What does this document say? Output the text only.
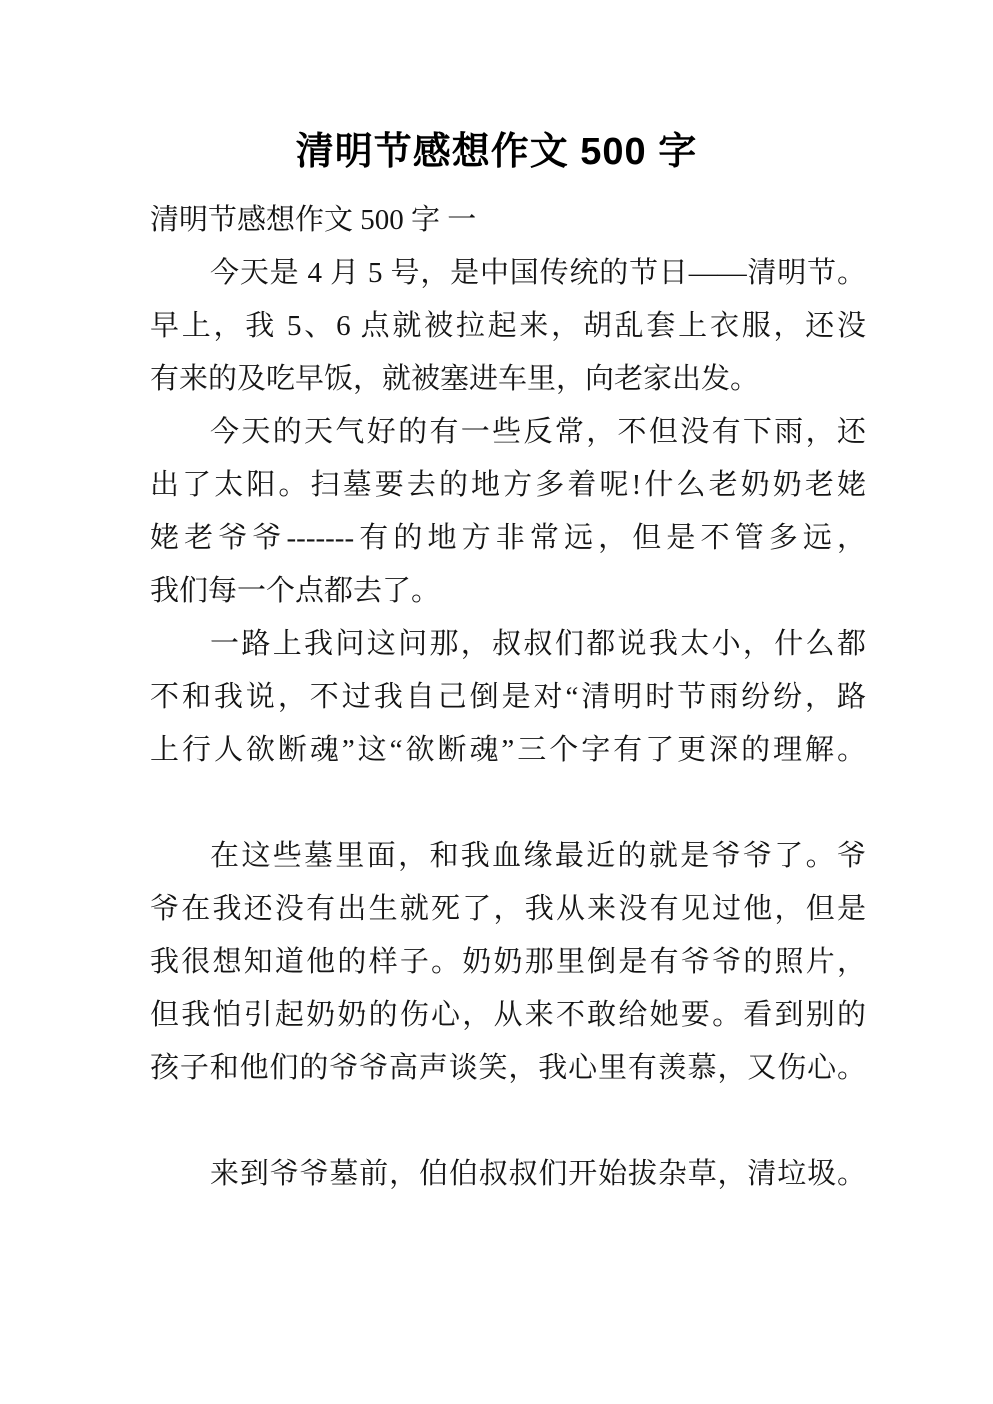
清明节感想作文 500 字
清明节感想作文 500 字 一
今天是 4 月 5 号，是中国传统的节日——清明节。
早上，我 5、6 点就被拉起来，胡乱套上衣服，还没
有来的及吃早饭，就被塞进车里，向老家出发。
今天的天气好的有一些反常，不但没有下雨，还
出了太阳。扫墓要去的地方多着呢!什么老奶奶老姥
姥老爷爷-------有的地方非常远，但是不管多远，
我们每一个点都去了。
一路上我问这问那，叔叔们都说我太小，什么都
不和我说，不过我自己倒是对“清明时节雨纷纷，路
上行人欲断魂”这“欲断魂”三个字有了更深的理解。
在这些墓里面，和我血缘最近的就是爷爷了。爷
爷在我还没有出生就死了，我从来没有见过他，但是
我很想知道他的样子。奶奶那里倒是有爷爷的照片，
但我怕引起奶奶的伤心，从来不敢给她要。看到别的
孩子和他们的爷爷高声谈笑，我心里有羡慕，又伤心。
来到爷爷墓前，伯伯叔叔们开始拔杂草，清垃圾。
